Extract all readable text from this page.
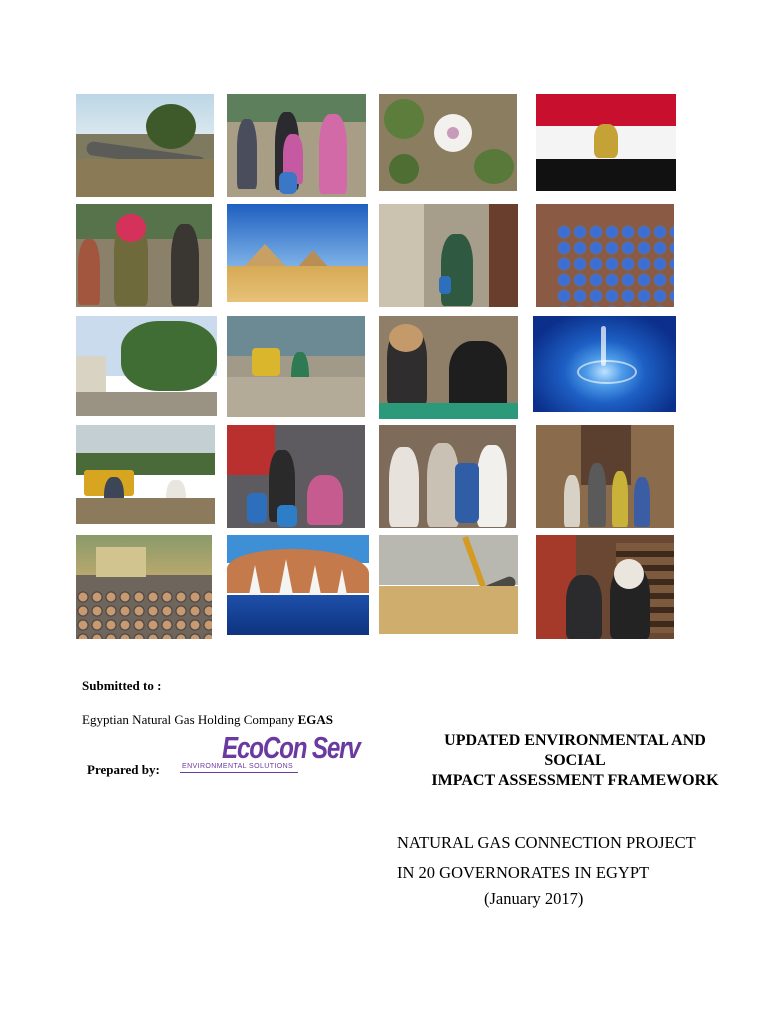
Submitted to :
Egyptian Natural Gas Holding Company EGAS
Prepared by:
EcoCon Serv
ENVIRONMENTAL SOLUTIONS
UPDATED ENVIRONMENTAL AND
SOCIAL
IMPACT ASSESSMENT FRAMEWORK
NATURAL GAS CONNECTION PROJECT
IN 20 GOVERNORATES IN EGYPT
(January 2017)
